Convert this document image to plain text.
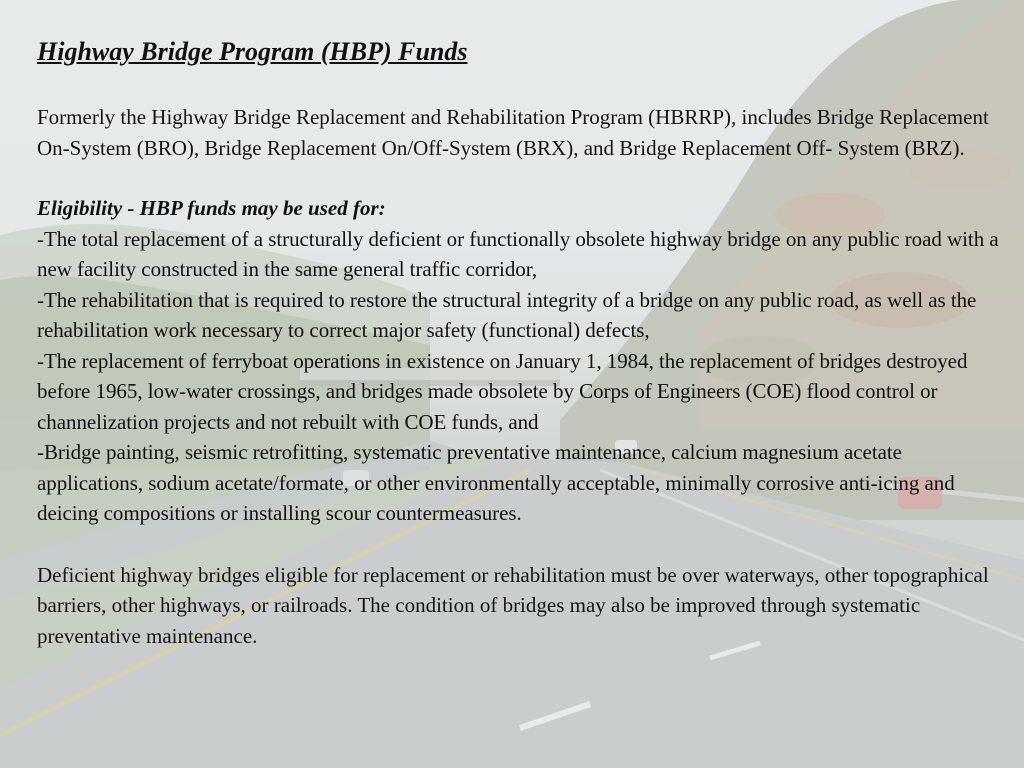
Highway Bridge Program (HBP) Funds

Formerly the Highway Bridge Replacement and Rehabilitation Program (HBRRP), includes Bridge Replacement On-System (BRO), Bridge Replacement On/Off-System (BRX), and Bridge Replacement Off- System (BRZ).

Eligibility - HBP funds may be used for:

-The total replacement of a structurally deficient or functionally obsolete highway bridge on any public road with a new facility constructed in the same general traffic corridor,
-The rehabilitation that is required to restore the structural integrity of a bridge on any public road, as well as the rehabilitation work necessary to correct major safety (functional) defects,
-The replacement of ferryboat operations in existence on January 1, 1984, the replacement of bridges destroyed before 1965, low-water crossings, and bridges made obsolete by Corps of Engineers (COE) flood control or channelization projects and not rebuilt with COE funds, and
-Bridge painting, seismic retrofitting, systematic preventative maintenance, calcium magnesium acetate applications, sodium acetate/formate, or other environmentally acceptable, minimally corrosive anti-icing and deicing compositions or installing scour countermeasures.

Deficient highway bridges eligible for replacement or rehabilitation must be over waterways, other topographical barriers, other highways, or railroads. The condition of bridges may also be improved through systematic preventative maintenance.
